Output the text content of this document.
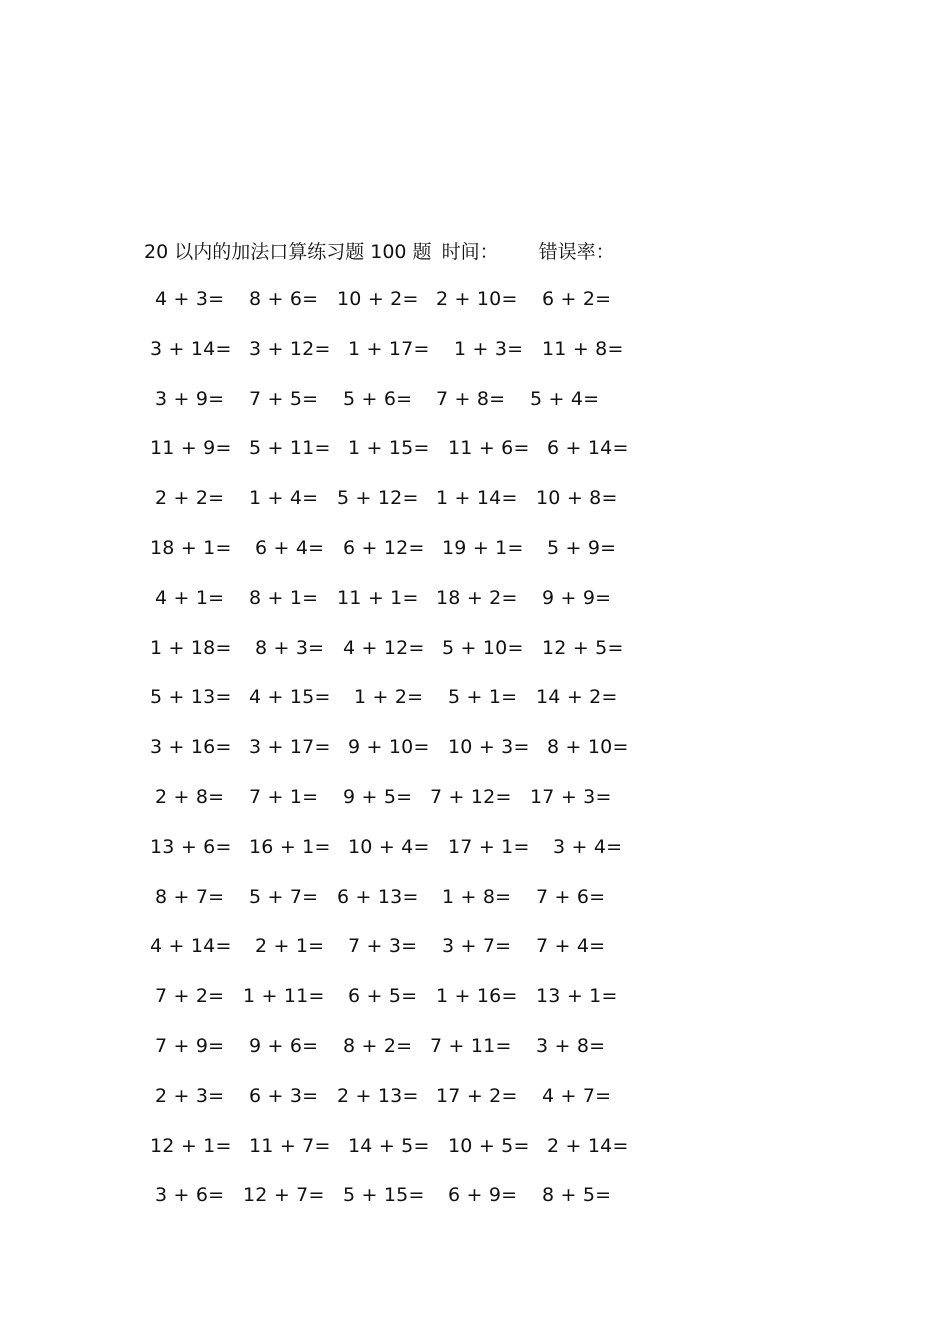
20 以内的加法口算练习题 100 题 时间： 错误率：
4 + 3= 8 + 6= 10 + 2= 2 + 10= 6 + 2=
3 + 14= 3 + 12= 1 + 17= 1 + 3= 11 + 8=
3 + 9= 7 + 5= 5 + 6= 7 + 8= 5 + 4=
11 + 9= 5 + 11= 1 + 15= 11 + 6= 6 + 14=
2 + 2= 1 + 4= 5 + 12= 1 + 14= 10 + 8=
18 + 1= 6 + 4= 6 + 12= 19 + 1= 5 + 9=
4 + 1= 8 + 1= 11 + 1= 18 + 2= 9 + 9=
1 + 18= 8 + 3= 4 + 12= 5 + 10= 12 + 5=
5 + 13= 4 + 15= 1 + 2= 5 + 1= 14 + 2=
3 + 16= 3 + 17= 9 + 10= 10 + 3= 8 + 10=
2 + 8= 7 + 1= 9 + 5= 7 + 12= 17 + 3=
13 + 6= 16 + 1= 10 + 4= 17 + 1= 3 + 4=
8 + 7= 5 + 7= 6 + 13= 1 + 8= 7 + 6=
4 + 14= 2 + 1= 7 + 3= 3 + 7= 7 + 4=
7 + 2= 1 + 11= 6 + 5= 1 + 16= 13 + 1=
7 + 9= 9 + 6= 8 + 2= 7 + 11= 3 + 8=
2 + 3= 6 + 3= 2 + 13= 17 + 2= 4 + 7=
12 + 1= 11 + 7= 14 + 5= 10 + 5= 2 + 14=
3 + 6= 12 + 7= 5 + 15= 6 + 9= 8 + 5=
